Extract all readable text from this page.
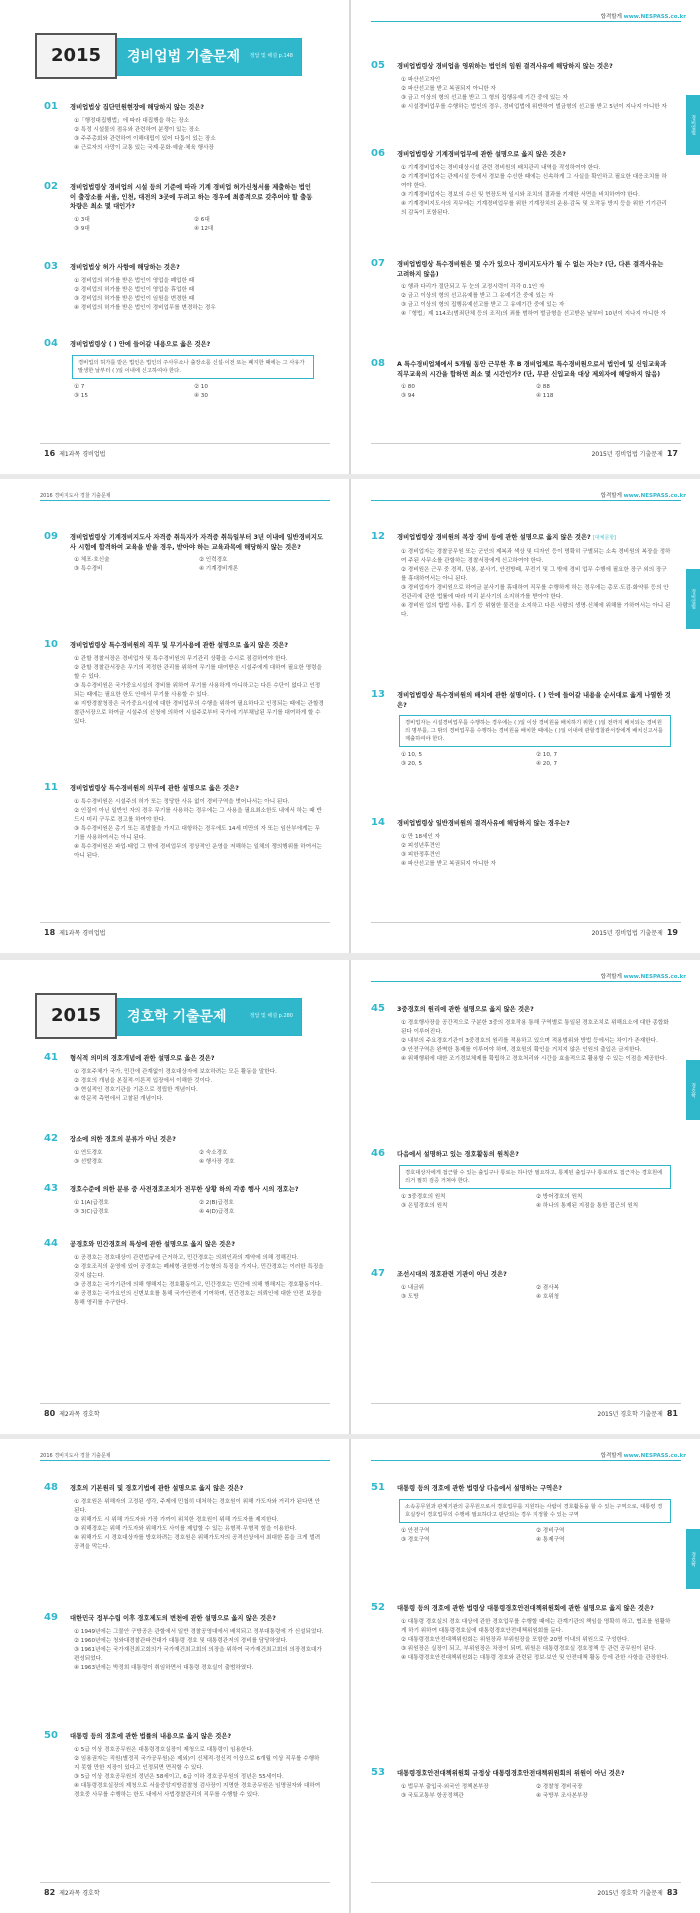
2015	경비업법 기출문제 정답 및 해설 p.148
01 경비업법상 집단민원현장에 해당하지 않는 것은?
①「행정대집행법」에 따라 대집행을 하는 장소
② 특정 시설물의 점유와 관련하여 분쟁이 있는 장소
③ 주주총회와 관련하여 이해대립이 있어 다툼이 있는 장소
④ 근로자의 사망이 교통 있는 국제·문화·예술·체육 행사장
02 경비업법령상 경비업의 시설 등의 기준에 따라 기계 경비업 허가신청서를 제출하는 법인이 출장소를 서울, 인천, 대전의 3곳에 두려고 하는 경우에 최종적으로 갖추어야 할 출동차량은 최소 몇 대인가?
① 3대	② 6대
③ 9대	④ 12대
03 경비업법상 허가 사항에 해당하는 것은?
① 경비업의 허가를 받은 법인이 영업을 폐업한 때
② 경비업의 허가를 받은 법인이 영업을 휴업한 때
③ 경비업의 허가를 받은 법인이 임원을 변경한 때
④ 경비업의 허가를 받은 법인이 경비업무를 변경하는 경우
04 경비업법령상 ( ) 안에 들어갈 내용으로 옳은 것은?
경비업의 허가를 받은 법인은 법인의 주사무소나 출장소를 신설·이전 또는 폐지한 때에는 그 사유가 발생한 날부터 ( )일 이내에 신고하여야 한다.
① 7	② 10
③ 15	④ 30
16 제1과목 경비업법
합격할게 www.NESPASS.co.kr
경비업법
05 경비업법령상 경비업을 영위하는 법인의 임원 결격사유에 해당하지 않는 것은?
① 파산선고자인
② 파산선고를 받고 복권되지 아니한 자
③ 금고 이상의 형의 선고를 받고 그 형의 집행유예 기간 중에 있는 자
④ 시설경비업무를 수행하는 법인의 경우, 경비업법에 위반하여 벌금형의 선고를 받고 5년이 지나지 아니한 자
06 경비업법령상 기계경비업무에 관한 설명으로 옳지 않은 것은?
① 기계경비업자는 경비대상시설 관련 경비원의 배치관리 내역을 작성하여야 한다.
② 기계경비업자는 관제시설 등에서 경보를 수신한 때에는 신속하게 그 사실을 확인하고 필요한 대응조치를 하여야 한다.
③ 기계경비업자는 경보의 수신 및 현장도착 일시와 조치의 결과를 기재한 서면을 비치하여야 한다.
④ 기계경비지도사의 직무에는 기계경비업무를 위한 기계장치의 운용·감독 및 오작동 방지 등을 위한 기기관리의 감독이 포함된다.
07 경비업법령상 특수경비원은 몇 수가 있으나 경비지도사가 될 수 없는 자는? (단, 다른 결격사유는 고려하지 않음)
① 행과 다리가 절단되고 두 눈의 교정시력이 각각 0.1인 자
② 금고 이상의 형의 선고유예를 받고 그 유예기간 중에 있는 자
③ 금고 이상의 형의 집행유예선고를 받고 그 유예기간 중에 있는 자
④「형법」제 114조(범죄단체 등의 조직)의 죄를 범하여 벌금형을 선고받은 날부터 10년이 지나지 아니한 자
08 A 특수경비업체에서 5개월 동안 근무한 후 B 경비업체로 특수경비원으로서 법인에 및 신임교육과 직무교육의 시간을 합하면 최소 몇 시간인가? (단, 무관 신입교육 대상 제외자에 해당하지 않음)
① 80	② 88
③ 94	④ 118
2015년 경비업법 기출문제 17
2016 경비지도사 경찰 기출문제
09 경비업법령상 기계경비지도사 자격증 취득자가 자격증 취득일부터 3년 이내에 일반경비지도사 시험에 합격하여 교육을 받을 경우, 받아야 하는 교육과목에 해당하지 않는 것은?
① 체포·호신술	② 인력경호
③ 특수경비	④ 기계경비개론
10 경비업법령상 특수경비원의 직무 및 무기사용에 관한 설명으로 옳지 않은 것은?
① 관할 경찰서장은 경비업자 및 특수경비원의 무기관리 상황을 수시로 점검하여야 한다.
② 관할 경찰관서장은 무기의 적정한 관리를 위하여 무기를 대여받은 시설주에게 대하여 필요한 명령을 할 수 있다.
③ 특수경비원은 국가중요시설의 경비를 위하여 무기를 사용하게 아니하고는 다른 수단이 없다고 인정되는 때에는 필요한 한도 안에서 무기를 사용할 수 있다.
④ 지방경찰청장은 국가중요시설에 대한 경비업무의 수행을 위하여 필요하다고 인정되는 때에는 관할경찰관서장으로 하여금 시설주의 신청에 의하여 시설주로부터 국가에 기부채납된 무기를 대여하게 할 수 있다.
11 경비업법령상 특수경비원의 의무에 관한 설명으로 옳은 것은?
① 특수경비원은 시설주의 허가 또는 정당한 사유 없이 경비구역을 벗어나서는 아니 된다.
② 인질이 아닌 일반인 자의 경우 무기를 사용하는 경우에는 그 사용을 필요최소한도 내에서 하는 때 반드시 미리 구두로 경고를 하여야 한다.
③ 특수경비원은 총기 또는 폭발물을 가지고 대항하는 경우에도 14세 미만의 자 또는 임산부에게는 무기를 사용하여서는 아니 된다.
④ 특수경비원은 파업·태업 그 밖에 경비업무의 정상적인 운영을 저해하는 일체의 쟁의행위를 하여서는 아니 된다.
18 제1과목 경비업법
합격할게 www.NESPASS.co.kr
경비업법
12 경비업법령상 경비원의 복장 장비 등에 관한 설명으로 옳지 않은 것은? [대체문항]
① 경비업자는 경찰공무원 또는 군인의 제복과 색상 및 디자인 등이 명확히 구별되는 소속 경비원의 복장을 정하여 주된 사무소를 관할하는 경찰서장에게 신고하여야 한다.
② 경비원은 근무 중 경적, 단봉, 분사기, 안전방패, 무전기 및 그 밖에 경비 업무 수행에 필요한 장구 외의 장구를 휴대하여서는 아니 된다.
③ 경비업자가 경비원으로 하여금 분사기를 휴대하여 직무를 수행하게 하는 경우에는 총포·도검·화약류 등의 안전관리에 관한 법률에 따라 미리 분사기의 소지허가를 받아야 한다.
④ 경비원 업의 합법 사용, 흉기 등 위험한 물건을 소지하고 다른 사람의 생명·신체에 위해를 가하여서는 아니 된다.
13 경비업법령상 특수경비원의 배치에 관한 설명이다. ( ) 안에 들어갈 내용을 순서대로 옳게 나열한 것은?
경비업자는 시설경비업무를 수행하는 경우에는 ( )일 이상 경비원을 배치하기 위한 ( )일 전까지 배치되는 경비원의 명부를, 그 밖의 경비업무를 수행하는 경비원을 배치한 때에는 ( )일 이내에 관할경찰관서장에게 배치신고서를 제출하여야 한다.
① 10, 5	② 10, 7
③ 20, 5	④ 20, 7
14 경비업법령상 일반경비원의 결격사유에 해당하지 않는 경우는?
① 만 18세인 자
② 피성년후견인
③ 피한정후견인
④ 파산선고를 받고 복권되지 아니한 자
2015년 경비업법 기출문제 19
2015	경호학 기출문제	정답 및 해설 p.280
41 형식적 의미의 경호개념에 관한 설명으로 옳은 것은?
① 경호주체가 국가, 민간에 관계없이 경호대상자에 보호하려는 모든 활동을 말한다.
② 경호의 개념을 본질적·이론적 입장에서 이해한 것이다.
③ 현실적인 경호기관을 기준으로 정립한 개념이다.
④ 학문적 측면에서 고찰된 개념이다.
42 장소에 의한 경호의 분류가 아닌 것은?
① 연도경호	② 숙소경호
③ 선발경호	④ 행사장 경호
43 경호수준에 의한 분류 중 사전경호조치가 전무한 상황 하의 각종 행사 시의 경호는?
① 1(A)급경호	② 2(B)급경호
③ 3(C)급경호	④ 4(D)급경호
44 공경호와 민간경호의 특성에 관한 설명으로 옳지 않은 것은?
① 공경호는 경호대상이 관련법규에 근거하고, 민간경호는 의뢰인과의 계약에 의해 정해진다.
② 경호조직의 운영에 있어 공경호는 폐쇄형·권한형·기능형의 특징을 가지나, 민간경호는 이러한 특징을 갖지 않는다.
③ 공경호는 국가기관에 의해 행해지는 경호활동이고, 민간경호는 민간에 의해 행해지는 경호활동이다.
④ 공경호는 국가요인의 신변보호를 통해 국가안전에 기여하며, 민간경호는 의뢰인에 대한 안전 보장을 통해 영리를 추구한다.
80 제2과목 경호학
합격할게 www.NESPASS.co.kr
경호학
45 3중경호의 원리에 관한 설명으로 옳지 않은 것은?
① 경호행사장을 공간적으로 구분한 3중의 경호작용 통해 구역별로 통일된 경호조치로 위해요소에 대한 종합화된다 이루어진다.
② 내부의 주요경호기관이 3중경호의 원리를 적용하고 있으며 적용범위와 방법 등에서는 차이가 존재한다.
③ 안전구역은 완벽한 통제를 이루어야 하며, 경호원의 확인을 거치지 않은 인원의 출입은 금지한다.
④ 위해행위에 대한 조기경보체제를 확립하고 경호처리와 시간을 효율적으로 활용할 수 있는 이점을 제공한다.
46 다음에서 설명하고 있는 경호활동의 원칙은?
경호대상자에게 접근할 수 있는 출입구나 통로는 하나만 필요하고, 통제된 출입구나 통로라도 접근자는 경호원에 의거 필히 검증 거쳐야 한다.
① 3중경호의 원칙	② 방어경호의 원칙
③ 은밀경호의 원칙	④ 하나의 통제된 지점을 통한 접근의 원칙
47 조선시대의 경호관련 기관이 아닌 것은?
① 내금위	② 겸사복
③ 도방	④ 호위청
2015년 경호학 기출문제 81
2016 경비지도사 경찰 기출문제
48 경호의 기본원리 및 경호기법에 관한 설명으로 옳지 않은 것은?
① 경호원은 위해자의 고정된 생각, 주제에 민첩히 대처하는 경호원이 위해 가도자와 거리가 된다면 안 된다.
② 위해가도 시 위해 가도자와 가장 가까이 위치한 경호원이 위해 가도자를 제지한다.
③ 위해경호는 위해 가도자와 위해가도 사이를 제압할 수 있는 유형적·무형적 힘을 이용한다.
④ 위해가도 시 경호대상자를 방호하려는 경호원은 위해가도자의 공격선상에서 최대한 몸을 크게 벌려 공격을 막는다.
49 대한민국 정부수립 이후 경호제도의 변천에 관한 설명으로 옳지 않은 것은?
① 1949년에는 그물안 구방공은 관할에서 일반 경찰공영대에서 배치되고 정부대통령에 가 신설되었다.
② 1960년에는 청와대경찰관파견대가 대통령 경호 및 대통령관저의 경비를 담당하였다.
③ 1961년에는 국가재건최고회의가 국가재건최고회의 의장을 위하여 국가재건최고회의 의장경호대가 편성되었다.
④ 1963년에는 박정희 대통령이 취임하면서 대통령 경호실이 출범하였다.
50 대통령 등의 경호에 관한 법률의 내용으로 옳지 않은 것은?
① 5급 이상 경호공무원은 대통령경호실장이 제청으로 대통령이 임용한다.
② 임용권자는 직원(별정직 국가공무원)은 제외)이 신체적·정신적 이상으로 6개월 이상 직무를 수행하지 못할 만한 지장이 있다고 인정되면 면직할 수 있다.
③ 5급 이상 경호공무원의 정년은 58세이고, 6급 이하 경호공무원의 정년은 55세이다.
④ 대통령경호실장의 제청으로 서울중앙지방검찰청 검사장이 지명한 경호공무원은 임명권자와 대하여 경호중 사무를 수행하는 한도 내에서 사법경찰관리의 직무를 수행할 수 있다.
82 제2과목 경호학
합격할게 www.NESPASS.co.kr
경호학
51 대통령 등의 경호에 관한 법령상 다음에서 설명하는 구역은?
소속공무원과 관계기관의 공무원으로서 경호업무를 지원하는 사람이 경호활동을 할 수 있는 구역으로, 대통령 경호실장이 경호업무의 수행에 필요하다고 판단되는 경우 지정할 수 있는 구역
① 안전구역	② 경비구역
③ 경호구역	④ 통제구역
52 대통령 등의 경호에 관한 법령상 대통령경호안전대책위원회에 관한 설명으로 옳지 않은 것은?
① 대통령 경호실의 경호 대상에 관한 경호업무를 수행할 때에는 관계기관의 책임을 명확히 하고, 협조를 원활하게 하기 위하여 대통령경호실에 대통령경호안전대책위원회를 둔다.
② 대통령경호안전대책위원회는 위원장과 부위원장을 포함한 20명 이내의 위원으로 구성한다.
③ 위원장은 실장이 되고, 부위원장은 차장이 되며, 위원은 대통령경호실 경호정책 등 관련 공무원이 된다.
④ 대통령경호안전대책위원회는 대통령 경호와 관련된 정보·보안 및 안전대책 활동 등에 관한 사항을 관장한다.
53 대통령경호안전대책위원회 규정상 대통령경호안전대책위원회의 위원이 아닌 것은?
① 법무부 출입국·외국인 정책본부장	② 경찰청 경비국장
③ 국토교통부 항공정책관	④ 국방부 조사본부장
2015년 경호학 기출문제 83
